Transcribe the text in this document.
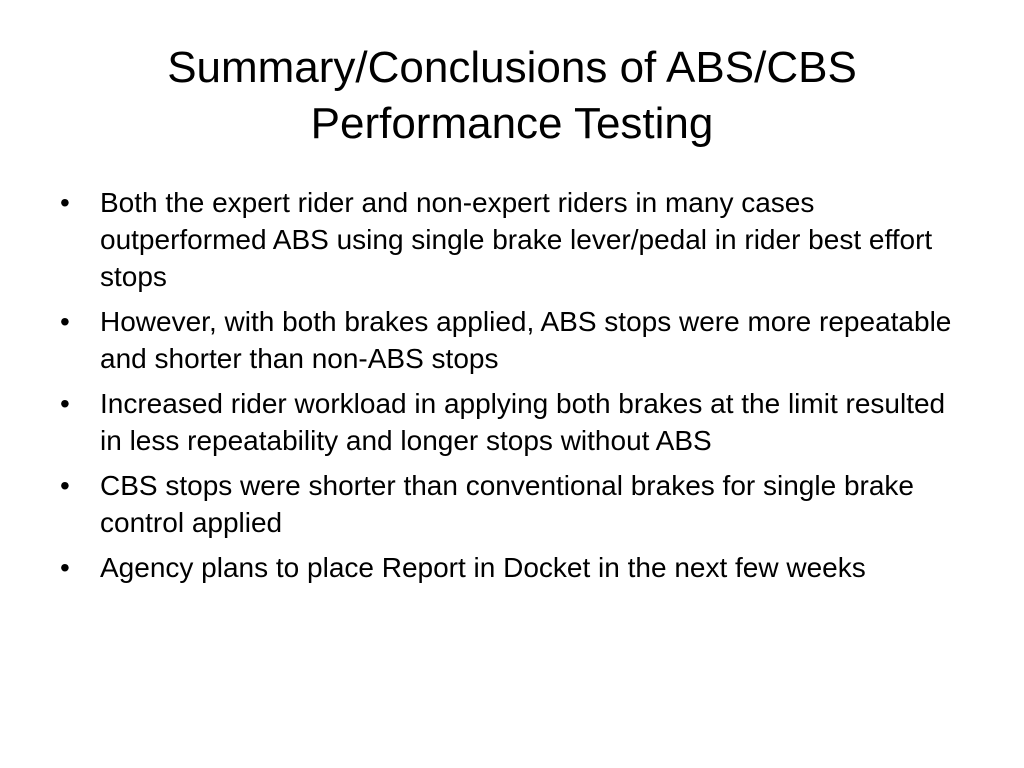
Summary/Conclusions of ABS/CBS
Performance Testing
• Both the expert rider and non-expert riders in many cases outperformed ABS using single brake lever/pedal in rider best effort stops
• However, with both brakes applied, ABS stops were more repeatable and shorter than non-ABS stops
• Increased rider workload in applying both brakes at the limit resulted in less repeatability and longer stops without ABS
• CBS stops were shorter than conventional brakes for single brake control applied
• Agency plans to place Report in Docket in the next few weeks
